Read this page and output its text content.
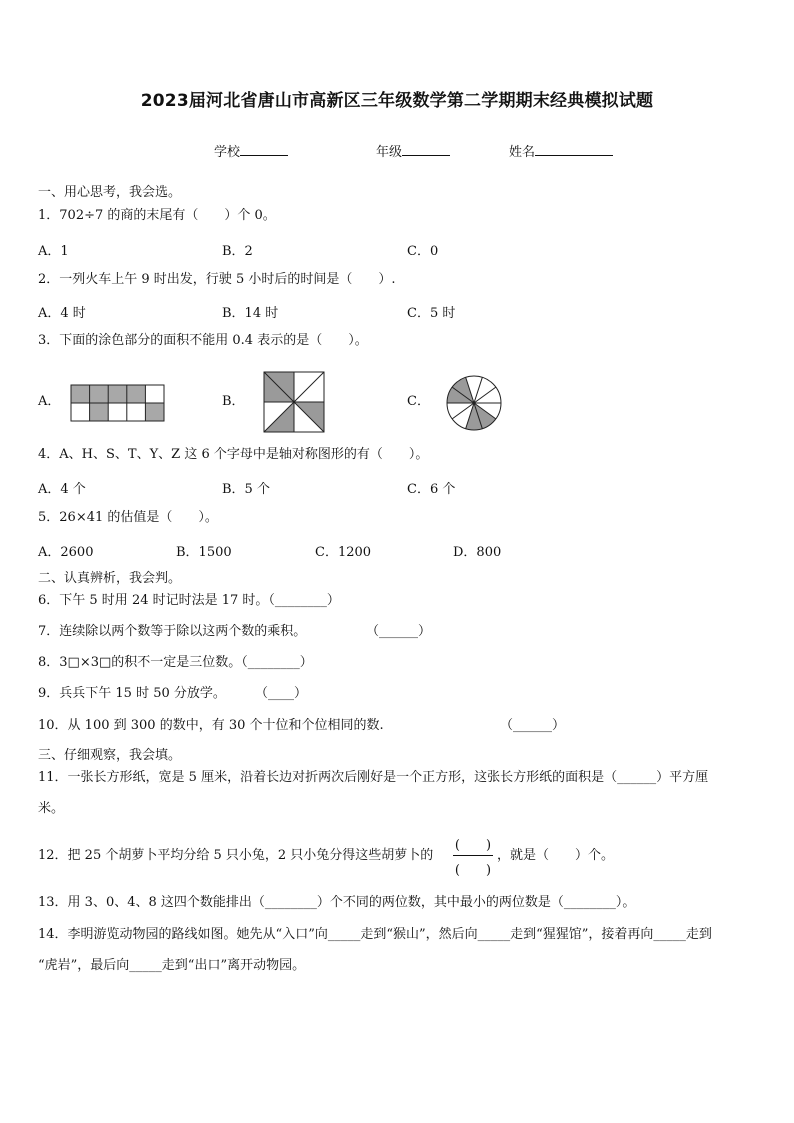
2023届河北省唐山市高新区三年级数学第二学期期末经典模拟试题
学校	年级	姓名
一、用心思考，我会选。
1．702÷7 的商的末尾有（　　）个 0。
A．1	B．2	C．0
2．一列火车上午 9 时出发，行驶 5 小时后的时间是（　　）.
A．4 时	B．14 时	C．5 时
3．下面的涂色部分的面积不能用 0.4 表示的是（　　）。
A．	B．	C．
4．A、H、S、T、Y、Z 这 6 个字母中是轴对称图形的有（　　）。
A．4 个	B．5 个	C．6 个
5．26×41 的估值是（　　）。
A．2600	B．1500	C．1200	D．800
二、认真辨析，我会判。
6．下午 5 时用 24 时记时法是 17 时。（________）
7．连续除以两个数等于除以这两个数的乘积。	（______）
8．3□×3□的积不一定是三位数。（________）
9．兵兵下午 15 时 50 分放学。 （____）
10．从 100 到 300 的数中，有 30 个十位和个位相同的数.	（______）
三、仔细观察，我会填。
11．一张长方形纸，宽是 5 厘米，沿着长边对折两次后刚好是一个正方形，这张长方形纸的面积是（______）平方厘
米。
12．把 25 个胡萝卜平均分给 5 只小兔，2 只小兔分得这些胡萝卜的
(　　)
(　　)
，就是（　　）个。
13．用 3、0、4、8 这四个数能排出（________）个不同的两位数，其中最小的两位数是（________）。
14．李明游览动物园的路线如图。她先从“入口”向_____走到“猴山”，然后向_____走到“猩猩馆”，接着再向_____走到
“虎岩”，最后向_____走到“出口”离开动物园。
